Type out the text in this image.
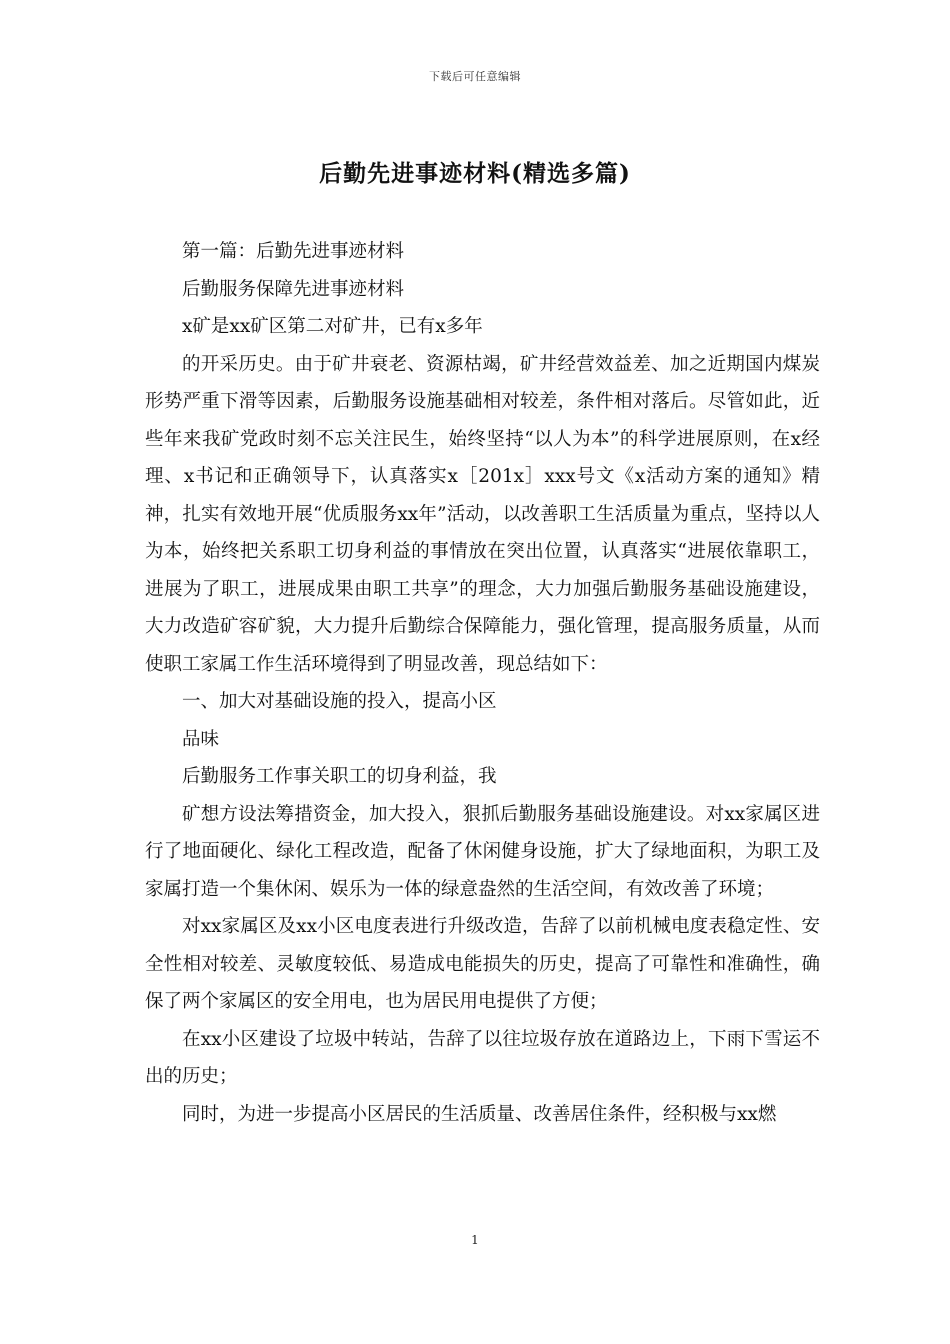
下载后可任意编辑
后勤先进事迹材料(精选多篇)

第一篇：后勤先进事迹材料

后勤服务保障先进事迹材料

x矿是xx矿区第二对矿井，已有x多年

的开采历史。由于矿井衰老、资源枯竭，矿井经营效益差、加之近期国内煤炭形势严重下滑等因素，后勤服务设施基础相对较差，条件相对落后。尽管如此，近些年来我矿党政时刻不忘关注民生，始终坚持“以人为本”的科学进展原则，在x经理、x书记和正确领导下，认真落实x［201x］xxx号文《x活动方案的通知》精神，扎实有效地开展“优质服务xx年”活动，以改善职工生活质量为重点，坚持以人为本，始终把关系职工切身利益的事情放在突出位置，认真落实“进展依靠职工，进展为了职工，进展成果由职工共享”的理念，大力加强后勤服务基础设施建设，大力改造矿容矿貌，大力提升后勤综合保障能力，强化管理，提高服务质量，从而使职工家属工作生活环境得到了明显改善，现总结如下：

一、加大对基础设施的投入，提高小区

品味

后勤服务工作事关职工的切身利益，我

矿想方设法筹措资金，加大投入，狠抓后勤服务基础设施建设。对xx家属区进行了地面硬化、绿化工程改造，配备了休闲健身设施，扩大了绿地面积，为职工及家属打造一个集休闲、娱乐为一体的绿意盎然的生活空间，有效改善了环境；

对xx家属区及xx小区电度表进行升级改造，告辞了以前机械电度表稳定性、安全性相对较差、灵敏度较低、易造成电能损失的历史，提高了可靠性和准确性，确保了两个家属区的安全用电，也为居民用电提供了方便；

在xx小区建设了垃圾中转站，告辞了以往垃圾存放在道路边上，下雨下雪运不出的历史；

同时，为进一步提高小区居民的生活质量、改善居住条件，经积极与xx燃

1
